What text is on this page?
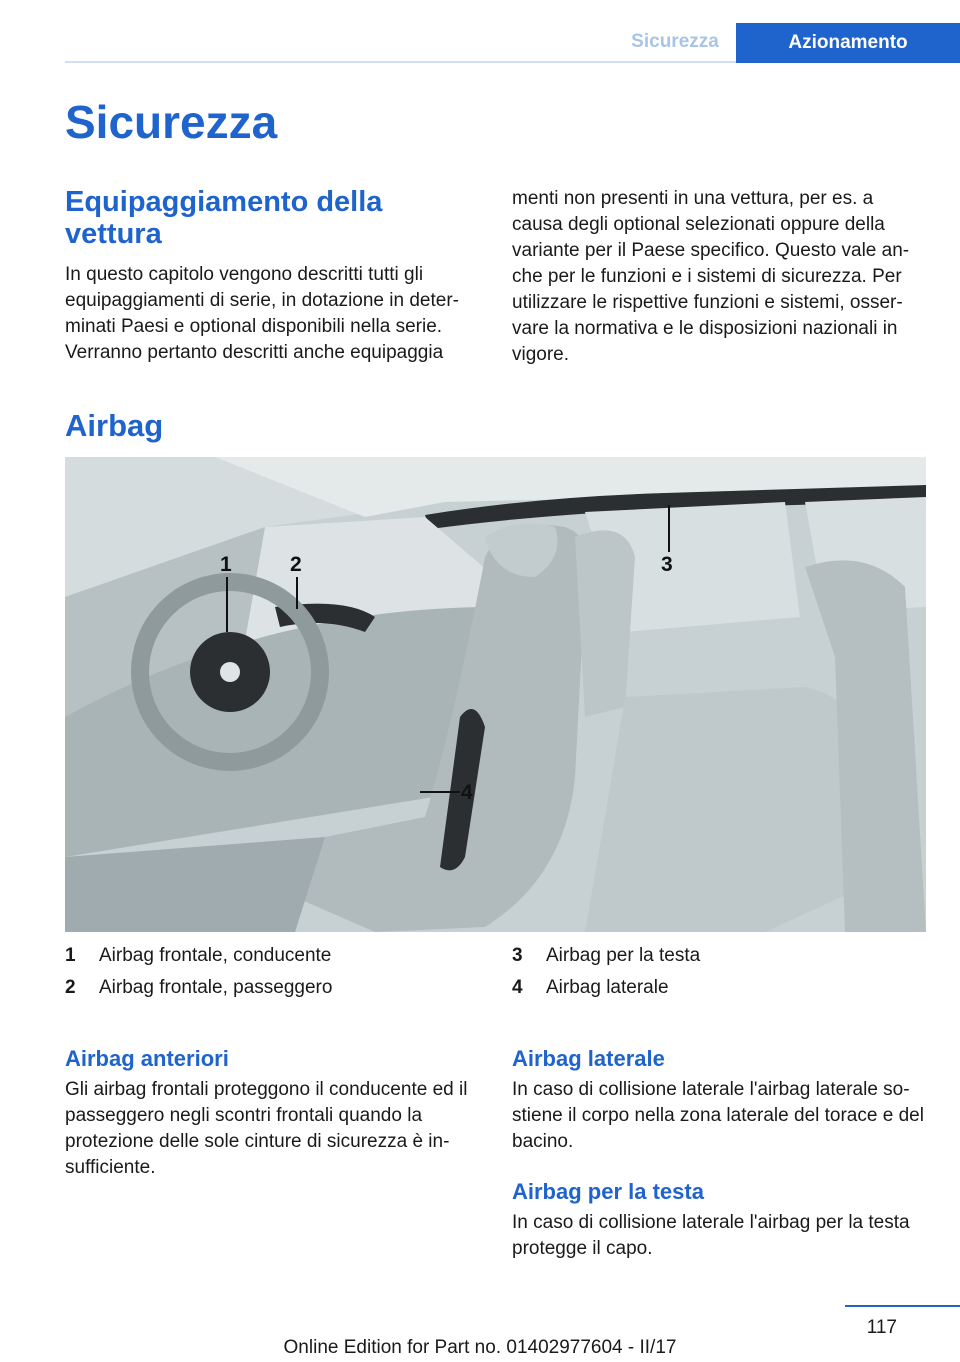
Sicurezza	Azionamento
Sicurezza
Equipaggiamento della vettura

In questo capitolo vengono descritti tutti gli equipaggiamenti di serie, in dotazione in determinati Paesi e optional disponibili nella serie. Verranno pertanto descritti anche equipaggia

menti non presenti in una vettura, per es. a causa degli optional selezionati oppure della variante per il Paese specifico. Questo vale anche per le funzioni e i sistemi di sicurezza. Per utilizzare le rispettive funzioni e sistemi, osservare la normativa e le disposizioni nazionali in vigore.

Airbag
1	2	3
4
1 Airbag frontale, conducente
2 Airbag frontale, passeggero
3 Airbag per la testa
4 Airbag laterale
Airbag anteriori

Gli airbag frontali proteggono il conducente ed il passeggero negli scontri frontali quando la protezione delle sole cinture di sicurezza è insufficiente.

Airbag laterale

In caso di collisione laterale l'airbag laterale sostiene il corpo nella zona laterale del torace e del bacino.

Airbag per la testa

In caso di collisione laterale l'airbag per la testa protegge il capo.

117
Online Edition for Part no. 01402977604 - II/17
